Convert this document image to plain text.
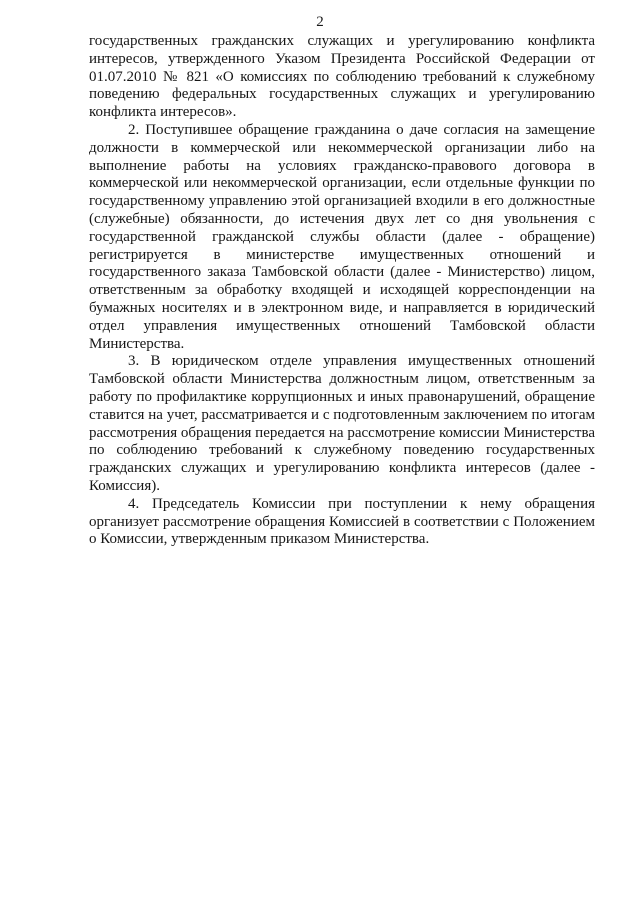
2

государственных гражданских служащих и урегулированию конфликта интересов, утвержденного Указом Президента Российской Федерации от 01.07.2010 № 821 «О комиссиях по соблюдению требований к служебному поведению федеральных государственных служащих и урегулированию конфликта интересов».

2. Поступившее обращение гражданина о даче согласия на замещение должности в коммерческой или некоммерческой организации либо на выполнение работы на условиях гражданско-правового договора в коммерческой или некоммерческой организации, если отдельные функции по государственному управлению этой организацией входили в его должностные (служебные) обязанности, до истечения двух лет со дня увольнения с государственной гражданской службы области (далее - обращение) регистрируется в министерстве имущественных отношений и государственного заказа Тамбовской области (далее - Министерство) лицом, ответственным за обработку входящей и исходящей корреспонденции на бумажных носителях и в электронном виде, и направляется в юридический отдел управления имущественных отношений Тамбовской области Министерства.

3. В юридическом отделе управления имущественных отношений Тамбовской области Министерства должностным лицом, ответственным за работу по профилактике коррупционных и иных правонарушений, обращение ставится на учет, рассматривается и с подготовленным заключением по итогам рассмотрения обращения передается на рассмотрение комиссии Министерства по соблюдению требований к служебному поведению государственных гражданских служащих и урегулированию конфликта интересов (далее - Комиссия).

4. Председатель Комиссии при поступлении к нему обращения организует рассмотрение обращения Комиссией в соответствии с Положением о Комиссии, утвержденным приказом Министерства.
